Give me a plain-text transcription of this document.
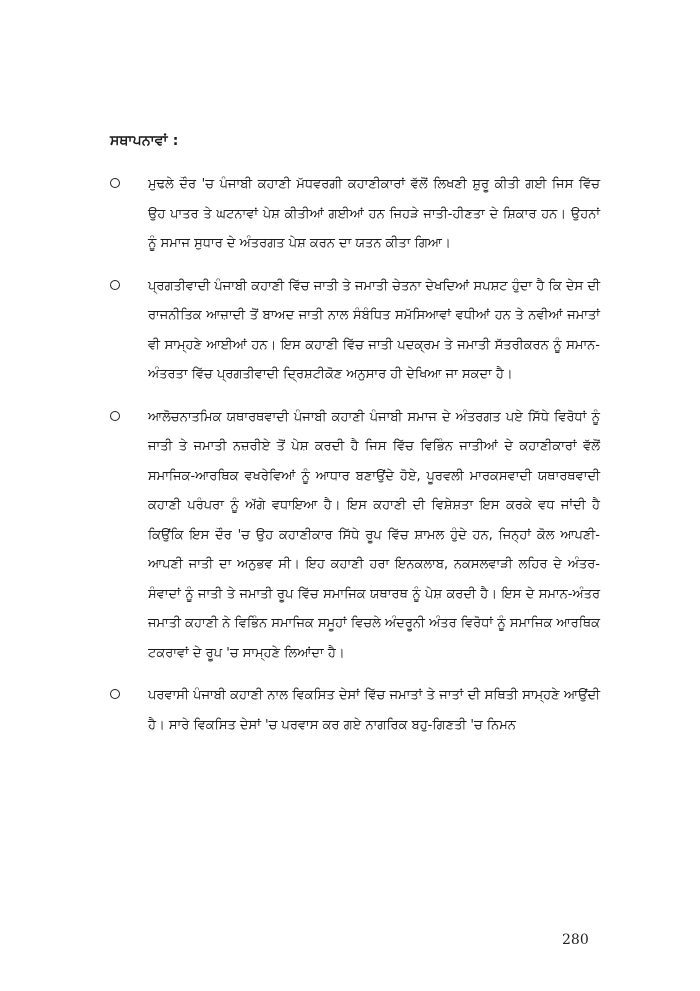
ਸਥਾਪਨਾਵਾਂ :
ਮੁਢਲੇ ਦੌਰ 'ਚ ਪੰਜਾਬੀ ਕਹਾਣੀ ਮੱਧਵਰਗੀ ਕਹਾਣੀਕਾਰਾਂ ਵੱਲੋਂ ਲਿਖਣੀ ਸ਼ੁਰੂ ਕੀਤੀ ਗਈ ਜਿਸ ਵਿੱਚ ਉਹ ਪਾਤਰ ਤੇ ਘਟਨਾਵਾਂ ਪੇਸ਼ ਕੀਤੀਆਂ ਗਈਆਂ ਹਨ ਜਿਹੜੇ ਜਾਤੀ-ਹੀਣਤਾ ਦੇ ਸ਼ਿਕਾਰ ਹਨ। ਉਹਨਾਂ ਨੂੰ ਸਮਾਜ ਸੁਧਾਰ ਦੇ ਅੰਤਰਗਤ ਪੇਸ਼ ਕਰਨ ਦਾ ਯਤਨ ਕੀਤਾ ਗਿਆ।
ਪ੍ਰਗਤੀਵਾਦੀ ਪੰਜਾਬੀ ਕਹਾਣੀ ਵਿੱਚ ਜਾਤੀ ਤੇ ਜਮਾਤੀ ਚੇਤਨਾ ਦੇਖਦਿਆਂ ਸਪਸ਼ਟ ਹੁੰਦਾ ਹੈ ਕਿ ਦੇਸ ਦੀ ਰਾਜਨੀਤਿਕ ਆਜ਼ਾਦੀ ਤੋਂ ਬਾਅਦ ਜਾਤੀ ਨਾਲ ਸੰਬੰਧਿਤ ਸਮੱਸਿਆਵਾਂ ਵਧੀਆਂ ਹਨ ਤੇ ਨਵੀਆਂ ਜਮਾਤਾਂ ਵੀ ਸਾਮ੍ਹਣੇ ਆਈਆਂ ਹਨ। ਇਸ ਕਹਾਣੀ ਵਿੱਚ ਜਾਤੀ ਪਦਕ੍ਰਮ ਤੇ ਜਮਾਤੀ ਸੱਤਰੀਕਰਨ ਨੂੰ ਸਮਾਨ-ਅੰਤਰਤਾ ਵਿੱਚ ਪ੍ਰਗਤੀਵਾਦੀ ਦ੍ਰਿਸ਼ਟੀਕੋਣ ਅਨੁਸਾਰ ਹੀ ਦੇਖਿਆ ਜਾ ਸਕਦਾ ਹੈ।
ਆਲੋਚਨਾਤਮਿਕ ਯਥਾਰਥਵਾਦੀ ਪੰਜਾਬੀ ਕਹਾਣੀ ਪੰਜਾਬੀ ਸਮਾਜ ਦੇ ਅੰਤਰਗਤ ਪਏ ਸਿੱਧੇ ਵਿਰੋਧਾਂ ਨੂੰ ਜਾਤੀ ਤੇ ਜਮਾਤੀ ਨਜ਼ਰੀਏ ਤੋਂ ਪੇਸ਼ ਕਰਦੀ ਹੈ ਜਿਸ ਵਿੱਚ ਵਿਭਿੰਨ ਜਾਤੀਆਂ ਦੇ ਕਹਾਣੀਕਾਰਾਂ ਵੱਲੋਂ ਸਮਾਜਿਕ-ਆਰਥਿਕ ਵਖਰੇਵਿਆਂ ਨੂੰ ਆਧਾਰ ਬਣਾਉਂਦੇ ਹੋਏ, ਪੂਰਵਲੀ ਮਾਰਕਸਵਾਦੀ ਯਥਾਰਥਵਾਦੀ ਕਹਾਣੀ ਪਰੰਪਰਾ ਨੂੰ ਅੱਗੇ ਵਧਾਇਆ ਹੈ। ਇਸ ਕਹਾਣੀ ਦੀ ਵਿਸ਼ੇਸ਼ਤਾ ਇਸ ਕਰਕੇ ਵਧ ਜਾਂਦੀ ਹੈ ਕਿਉਂਕਿ ਇਸ ਦੌਰ 'ਚ ਉਹ ਕਹਾਣੀਕਾਰ ਸਿੱਧੇ ਰੂਪ ਵਿੱਚ ਸ਼ਾਮਲ ਹੁੰਦੇ ਹਨ, ਜਿਨ੍ਹਾਂ ਕੋਲ ਆਪਣੀ-ਆਪਣੀ ਜਾਤੀ ਦਾ ਅਨੁਭਵ ਸੀ। ਇਹ ਕਹਾਣੀ ਹਰਾ ਇਨਕਲਾਬ, ਨਕਸਲਵਾੜੀ ਲਹਿਰ ਦੇ ਅੰਤਰ-ਸੰਵਾਦਾਂ ਨੂੰ ਜਾਤੀ ਤੇ ਜਮਾਤੀ ਰੂਪ ਵਿੱਚ ਸਮਾਜਿਕ ਯਥਾਰਥ ਨੂੰ ਪੇਸ਼ ਕਰਦੀ ਹੈ। ਇਸ ਦੇ ਸਮਾਨ-ਅੰਤਰ ਜਮਾਤੀ ਕਹਾਣੀ ਨੇ ਵਿਭਿੰਨ ਸਮਾਜਿਕ ਸਮੂਹਾਂ ਵਿਚਲੇ ਅੰਦਰੂਨੀ ਅੰਤਰ ਵਿਰੋਧਾਂ ਨੂੰ ਸਮਾਜਿਕ ਆਰਥਿਕ ਟਕਰਾਵਾਂ ਦੇ ਰੂਪ 'ਚ ਸਾਮ੍ਹਣੇ ਲਿਆਂਦਾ ਹੈ।
ਪਰਵਾਸੀ ਪੰਜਾਬੀ ਕਹਾਣੀ ਨਾਲ ਵਿਕਸਿਤ ਦੇਸਾਂ ਵਿੱਚ ਜਮਾਤਾਂ ਤੇ ਜਾਤਾਂ ਦੀ ਸਥਿਤੀ ਸਾਮ੍ਹਣੇ ਆਉਂਦੀ ਹੈ। ਸਾਰੇ ਵਿਕਸਿਤ ਦੇਸਾਂ 'ਚ ਪਰਵਾਸ ਕਰ ਗਏ ਨਾਗਰਿਕ ਬਹੁ-ਗਿਣਤੀ 'ਚ ਨਿਮਨ
280
